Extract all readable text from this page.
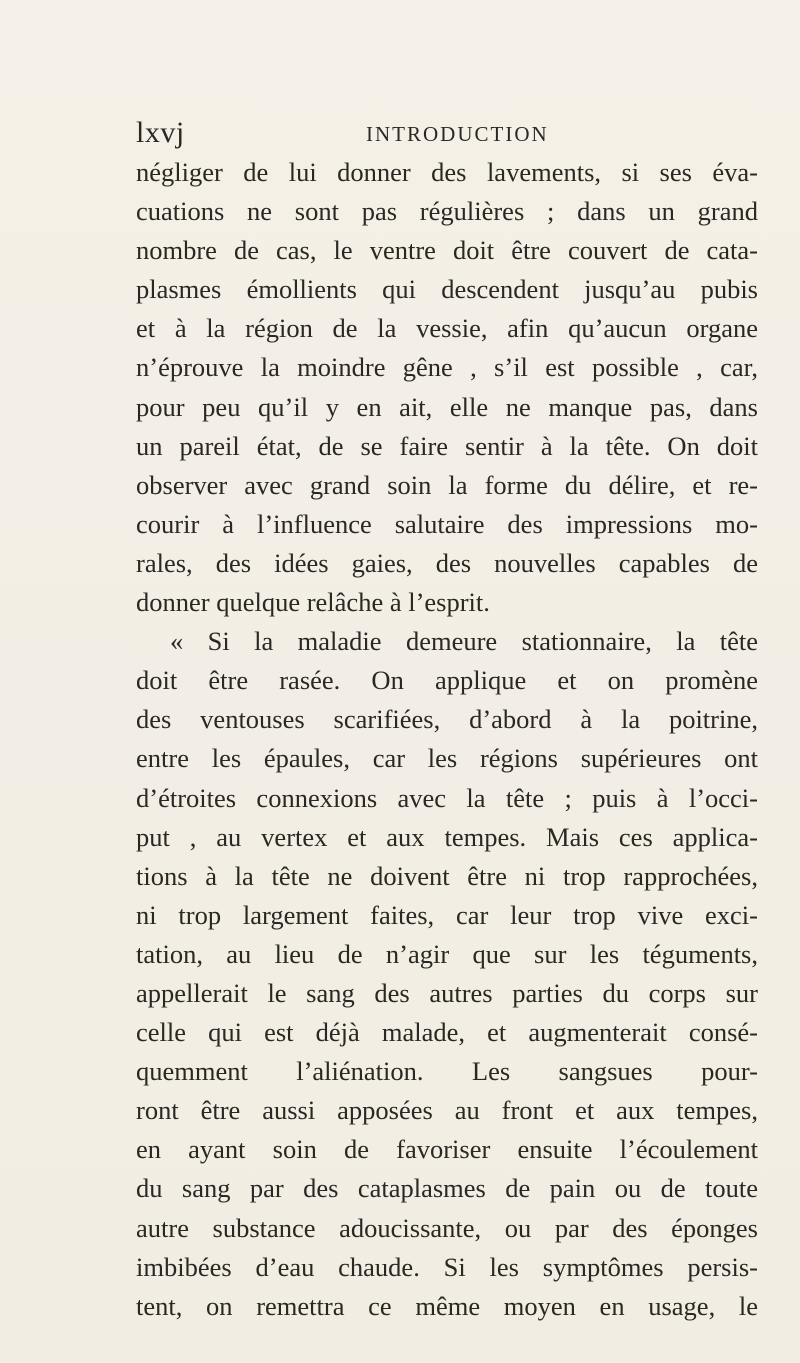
lxvj	INTRODUCTION
négliger de lui donner des lavements, si ses éva-
cuations ne sont pas régulières ; dans un grand
nombre de cas, le ventre doit être couvert de cata-
plasmes émollients qui descendent jusqu’au pubis
et à la région de la vessie, afin qu’aucun organe
n’éprouve la moindre gêne , s’il est possible , car,
pour peu qu’il y en ait, elle ne manque pas, dans
un pareil état, de se faire sentir à la tête. On doit
observer avec grand soin la forme du délire, et re-
courir à l’influence salutaire des impressions mo-
rales, des idées gaies, des nouvelles capables de
donner quelque relâche à l’esprit.
« Si la maladie demeure stationnaire, la tête
doit être rasée. On applique et on promène
des ventouses scarifiées, d’abord à la poitrine,
entre les épaules, car les régions supérieures ont
d’étroites connexions avec la tête ; puis à l’occi-
put , au vertex et aux tempes. Mais ces applica-
tions à la tête ne doivent être ni trop rapprochées,
ni trop largement faites, car leur trop vive exci-
tation, au lieu de n’agir que sur les téguments,
appellerait le sang des autres parties du corps sur
celle qui est déjà malade, et augmenterait consé-
quemment l’aliénation. Les sangsues pour-
ront être aussi apposées au front et aux tempes,
en ayant soin de favoriser ensuite l’écoulement
du sang par des cataplasmes de pain ou de toute
autre substance adoucissante, ou par des éponges
imbibées d’eau chaude. Si les symptômes persis-
tent, on remettra ce même moyen en usage, le
